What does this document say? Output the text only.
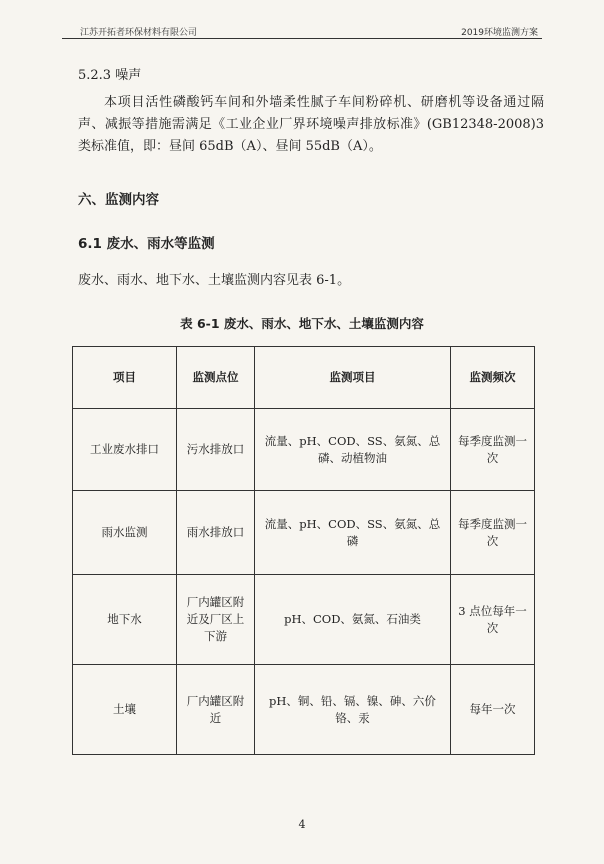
江苏开拓者环保材料有限公司	2019环境监测方案
5.2.3 噪声
本项目活性磷酸钙车间和外墙柔性腻子车间粉碎机、研磨机等设备通过隔声、减振等措施需满足《工业企业厂界环境噪声排放标准》(GB12348-2008)3 类标准值，即：昼间 65dB（A）、昼间 55dB（A）。
六、监测内容
6.1 废水、雨水等监测
废水、雨水、地下水、土壤监测内容见表 6-1。
表 6-1 废水、雨水、地下水、土壤监测内容
项目	监测点位	监测项目	监测频次
工业废水排口	污水排放口	流量、pH、COD、SS、氨氮、总磷、动植物油	每季度监测一次
雨水监测	雨水排放口	流量、pH、COD、SS、氨氮、总磷	每季度监测一次
地下水	厂内罐区附近及厂区上下游	pH、COD、氨氮、石油类	3 点位每年一次
土壤	厂内罐区附近	pH、铜、铅、镉、镍、砷、六价铬、汞	每年一次
4
